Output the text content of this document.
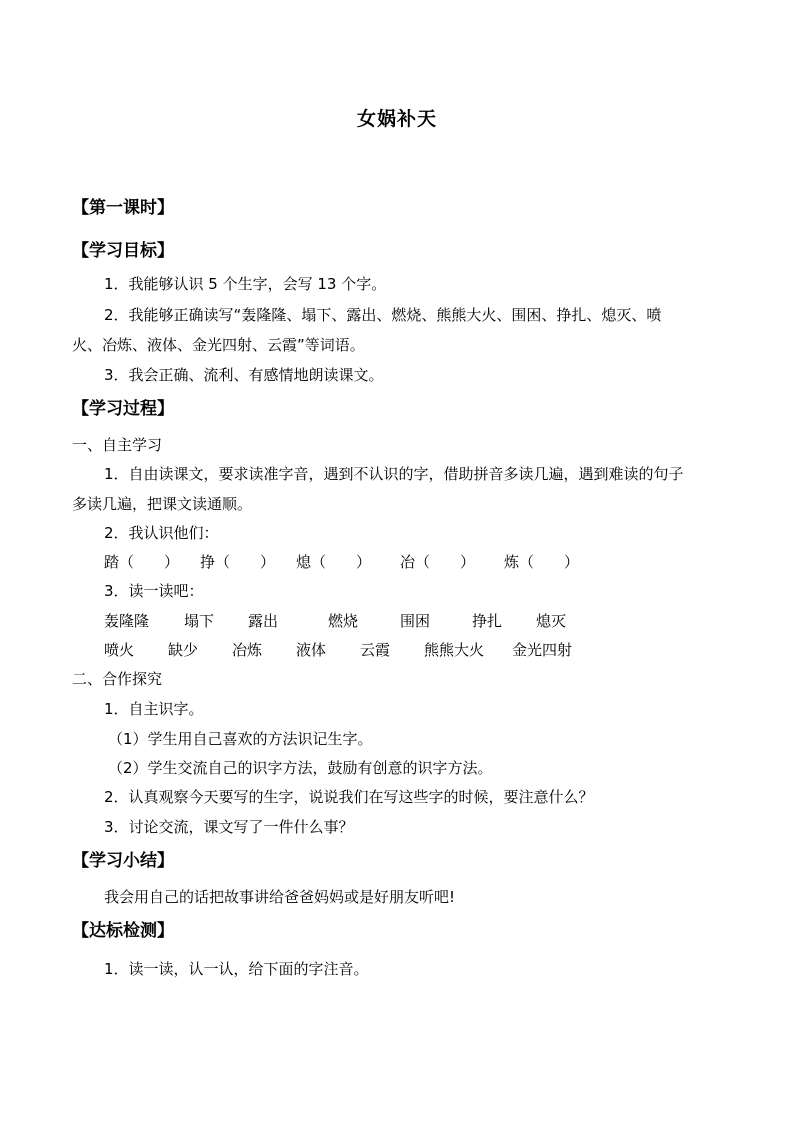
女娲补天
【第一课时】
【学习目标】
1．我能够认识 5 个生字，会写 13 个字。
2．我能够正确读写“轰隆隆、塌下、露出、燃烧、熊熊大火、围困、挣扎、熄灭、喷
火、冶炼、液体、金光四射、云霞”等词语。
3．我会正确、流利、有感情地朗读课文。
【学习过程】
一、自主学习
1．自由读课文，要求读准字音，遇到不认识的字，借助拼音多读几遍，遇到难读的句子
多读几遍，把课文读通顺。
2．我认识他们：
踏（　　） 挣（　　） 熄（　　） 冶（　　） 炼（　　）
3．读一读吧：
轰隆隆 塌下 露出	燃烧	围困	挣扎 熄灭
喷火 缺少 冶炼 液体 云霞 熊熊大火 金光四射
二、合作探究
1．自主识字。
（1）学生用自己喜欢的方法识记生字。
（2）学生交流自己的识字方法，鼓励有创意的识字方法。
2．认真观察今天要写的生字，说说我们在写这些字的时候，要注意什么？
3．讨论交流，课文写了一件什么事？
【学习小结】
我会用自己的话把故事讲给爸爸妈妈或是好朋友听吧!
【达标检测】
1．读一读，认一认，给下面的字注音。
